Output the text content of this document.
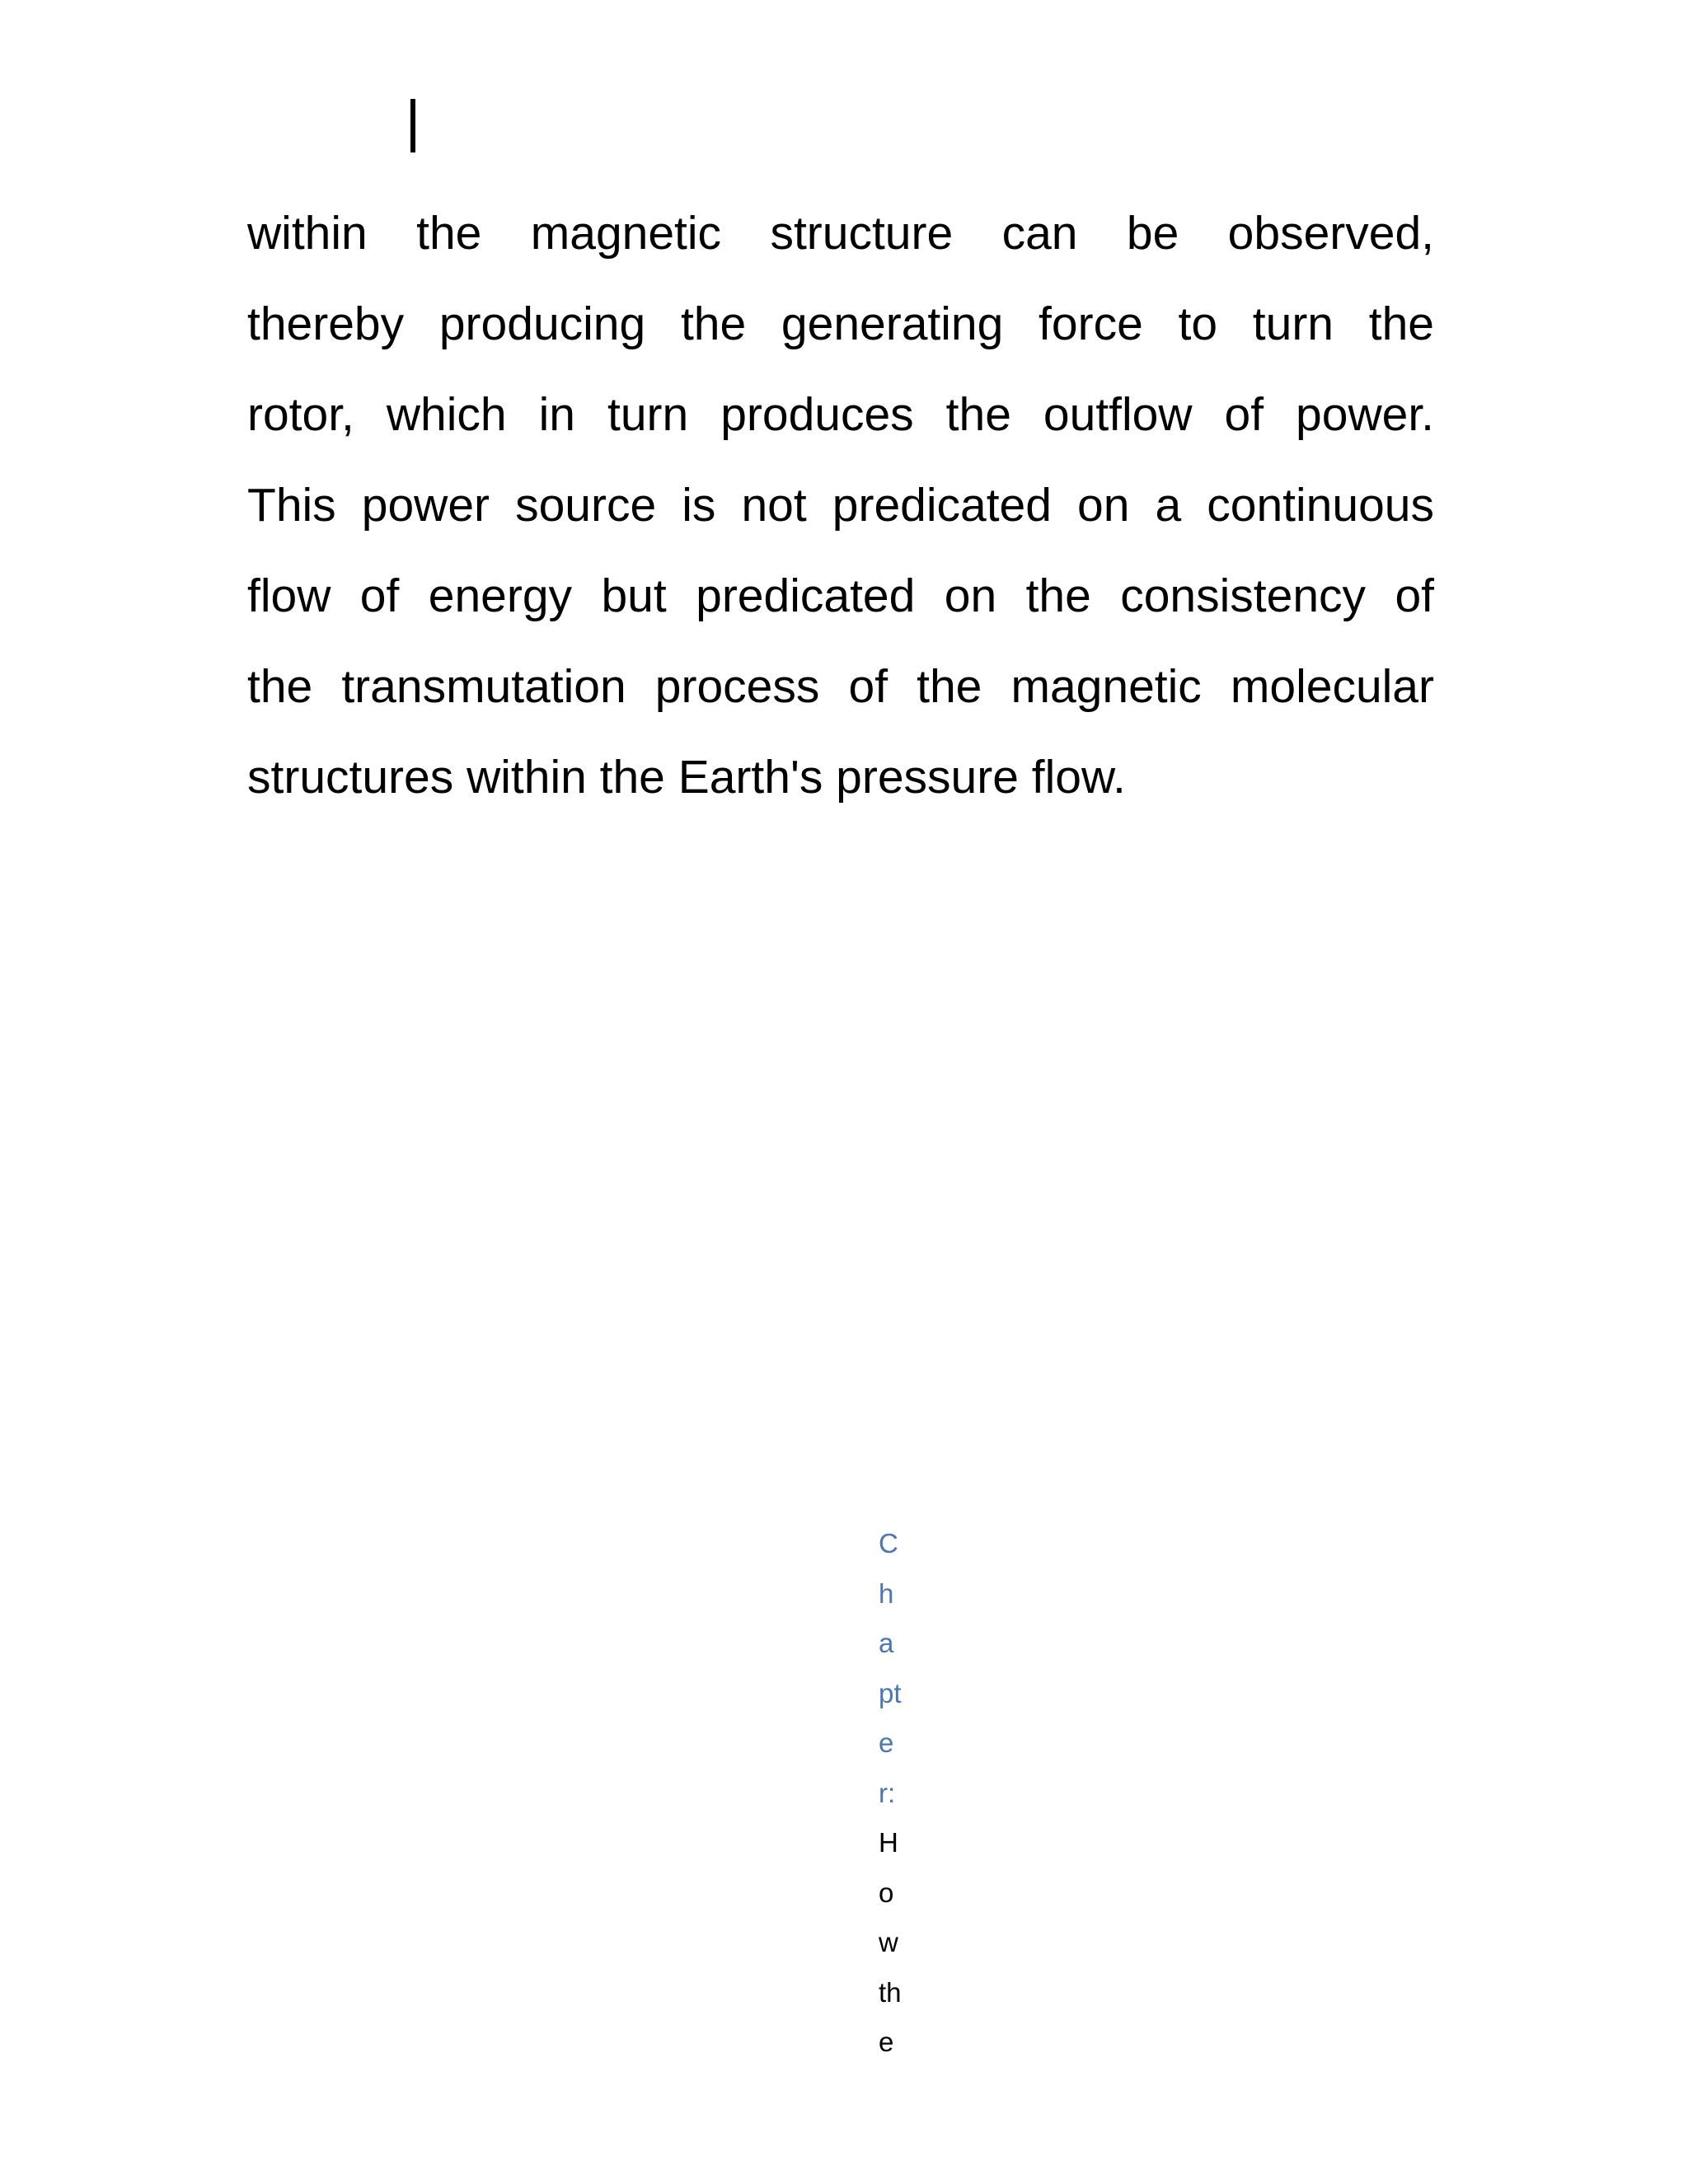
within the magnetic structure can be observed,
thereby producing the generating force to turn the
rotor, which in turn produces the outflow of power.
This power source is not predicated on a continuous
flow of energy but predicated on the consistency of
the transmutation process of the magnetic molecular
structures within the Earth's pressure flow.
C
h
a
pt
e
r:
H
o
w
th
e
